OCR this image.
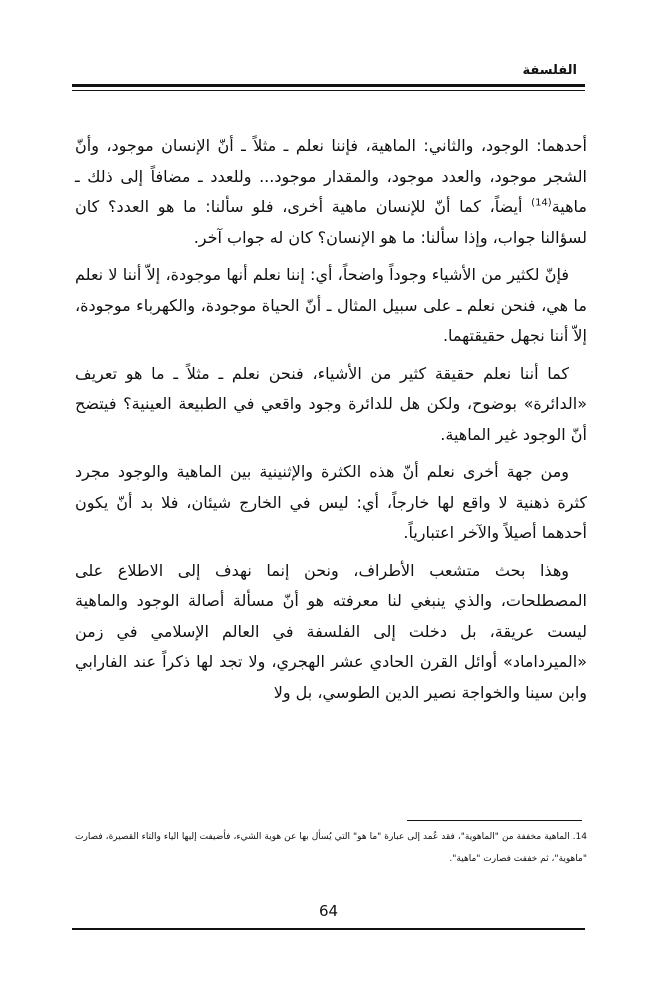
الفلسفة

أحدهما: الوجود، والثاني: الماهية، فإننا نعلم ـ مثلاً ـ أنّ الإنسان موجود، وأنّ الشجر موجود، والعدد موجود، والمقدار موجود... وللعدد ـ مضافاً إلى ذلك ـ ماهية$^{(14)}$ أيضاً، كما أنّ للإنسان ماهية أخرى، فلو سألنا: ما هو العدد؟ كان لسؤالنا جواب، وإذا سألنا: ما هو الإنسان؟ كان له جواب آخر.

فإنّ لكثير من الأشياء وجوداً واضحاً، أي: إننا نعلم أنها موجودة، إلاّ أننا لا نعلم ما هي، فنحن نعلم ـ على سبيل المثال ـ أنّ الحياة موجودة، والكهرباء موجودة، إلاّ أننا نجهل حقيقتهما.

كما أننا نعلم حقيقة كثير من الأشياء، فنحن نعلم ـ مثلاً ـ ما هو تعريف «الدائرة» بوضوح، ولكن هل للدائرة وجود واقعي في الطبيعة العينية؟ فيتضح أنّ الوجود غير الماهية.

ومن جهة أخرى نعلم أنّ هذه الكثرة والإثنينية بين الماهية والوجود مجرد كثرة ذهنية لا واقع لها خارجاً، أي: ليس في الخارج شيئان، فلا بد أنّ يكون أحدهما أصيلاً والآخر اعتبارياً.

وهذا بحث متشعب الأطراف، ونحن إنما نهدف إلى الاطلاع على المصطلحات، والذي ينبغي لنا معرفته هو أنّ مسألة أصالة الوجود والماهية ليست عريقة، بل دخلت إلى الفلسفة في العالم الإسلامي في زمن «الميرداماد» أوائل القرن الحادي عشر الهجري، ولا تجد لها ذكراً عند الفارابي وابن سينا والخواجة نصير الدين الطوسي، بل ولا

14. الماهية مخففة من "الماهوية"، فقد عُمد إلى عبارة "ما هو" التي يُسأل بها عن هوية الشيء، فأضيفت إليها الياء والتاء القصيرة، فصارت "ماهوية"، ثم خففت فصارت "ماهية".
64
